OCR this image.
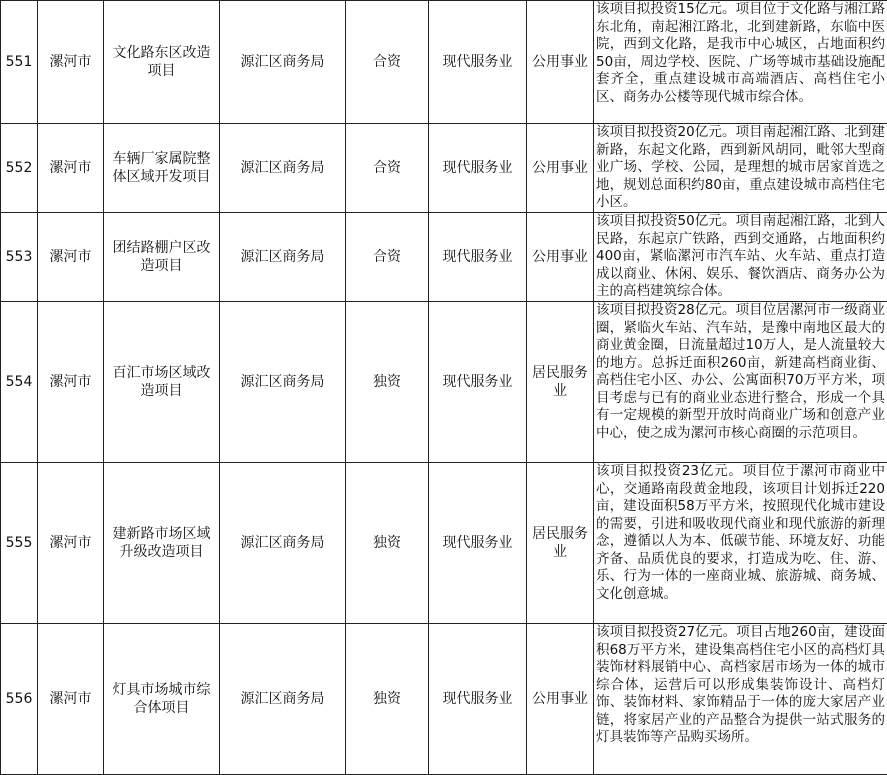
551	漯河市	文化路东区改造项目	源汇区商务局	合资	现代服务业	公用事业	该项目拟投资15亿元。项目位于文化路与湘江路东北角，南起湘江路北，北到建新路，东临中医院，西到文化路，是我市中心城区，占地面积约50亩，周边学校、医院、广场等城市基础设施配套齐全，重点建设城市高端酒店、高档住宅小区、商务办公楼等现代城市综合体。
552	漯河市	车辆厂家属院整体区域开发项目	源汇区商务局	合资	现代服务业	公用事业	该项目拟投资20亿元。项目南起湘江路、北到建新路，东起文化路，西到新风胡同，毗邻大型商业广场、学校、公园，是理想的城市居家首选之地，规划总面积约80亩，重点建设城市高档住宅小区。
553	漯河市	团结路棚户区改造项目	源汇区商务局	合资	现代服务业	公用事业	该项目拟投资50亿元。项目南起湘江路，北到人民路，东起京广铁路，西到交通路，占地面积约400亩，紧临漯河市汽车站、火车站、重点打造成以商业、休闲、娱乐、餐饮酒店、商务办公为主的高档建筑综合体。
554	漯河市	百汇市场区域改造项目	源汇区商务局	独资	现代服务业	居民服务业	该项目拟投资28亿元。项目位居漯河市一级商业圈，紧临火车站、汽车站，是豫中南地区最大的商业黄金圈，日流量超过10万人，是人流量较大的地方。总拆迁面积260亩，新建高档商业街、高档住宅小区、办公、公寓面积70万平方米，项目考虑与已有的商业业态进行整合，形成一个具有一定规模的新型开放时尚商业广场和创意产业中心，使之成为漯河市核心商圈的示范项目。
555	漯河市	建新路市场区域升级改造项目	源汇区商务局	独资	现代服务业	居民服务业	该项目拟投资23亿元。项目位于漯河市商业中心，交通路南段黄金地段，该项目计划拆迁220亩，建设面积58万平方米，按照现代化城市建设的需要，引进和吸收现代商业和现代旅游的新理念，遵循以人为本、低碳节能、环境友好、功能齐备、品质优良的要求，打造成为吃、住、游、乐、行为一体的一座商业城、旅游城、商务城、文化创意城。
556	漯河市	灯具市场城市综合体项目	源汇区商务局	独资	现代服务业	公用事业	该项目拟投资27亿元。项目占地260亩，建设面积68万平方米，建设集高档住宅小区的高档灯具装饰材料展销中心、高档家居市场为一体的城市综合体，运营后可以形成集装饰设计、高档灯饰、装饰材料、家饰精品于一体的庞大家居产业链，将家居产业的产品整合为提供一站式服务的灯具装饰等产品购买场所。
